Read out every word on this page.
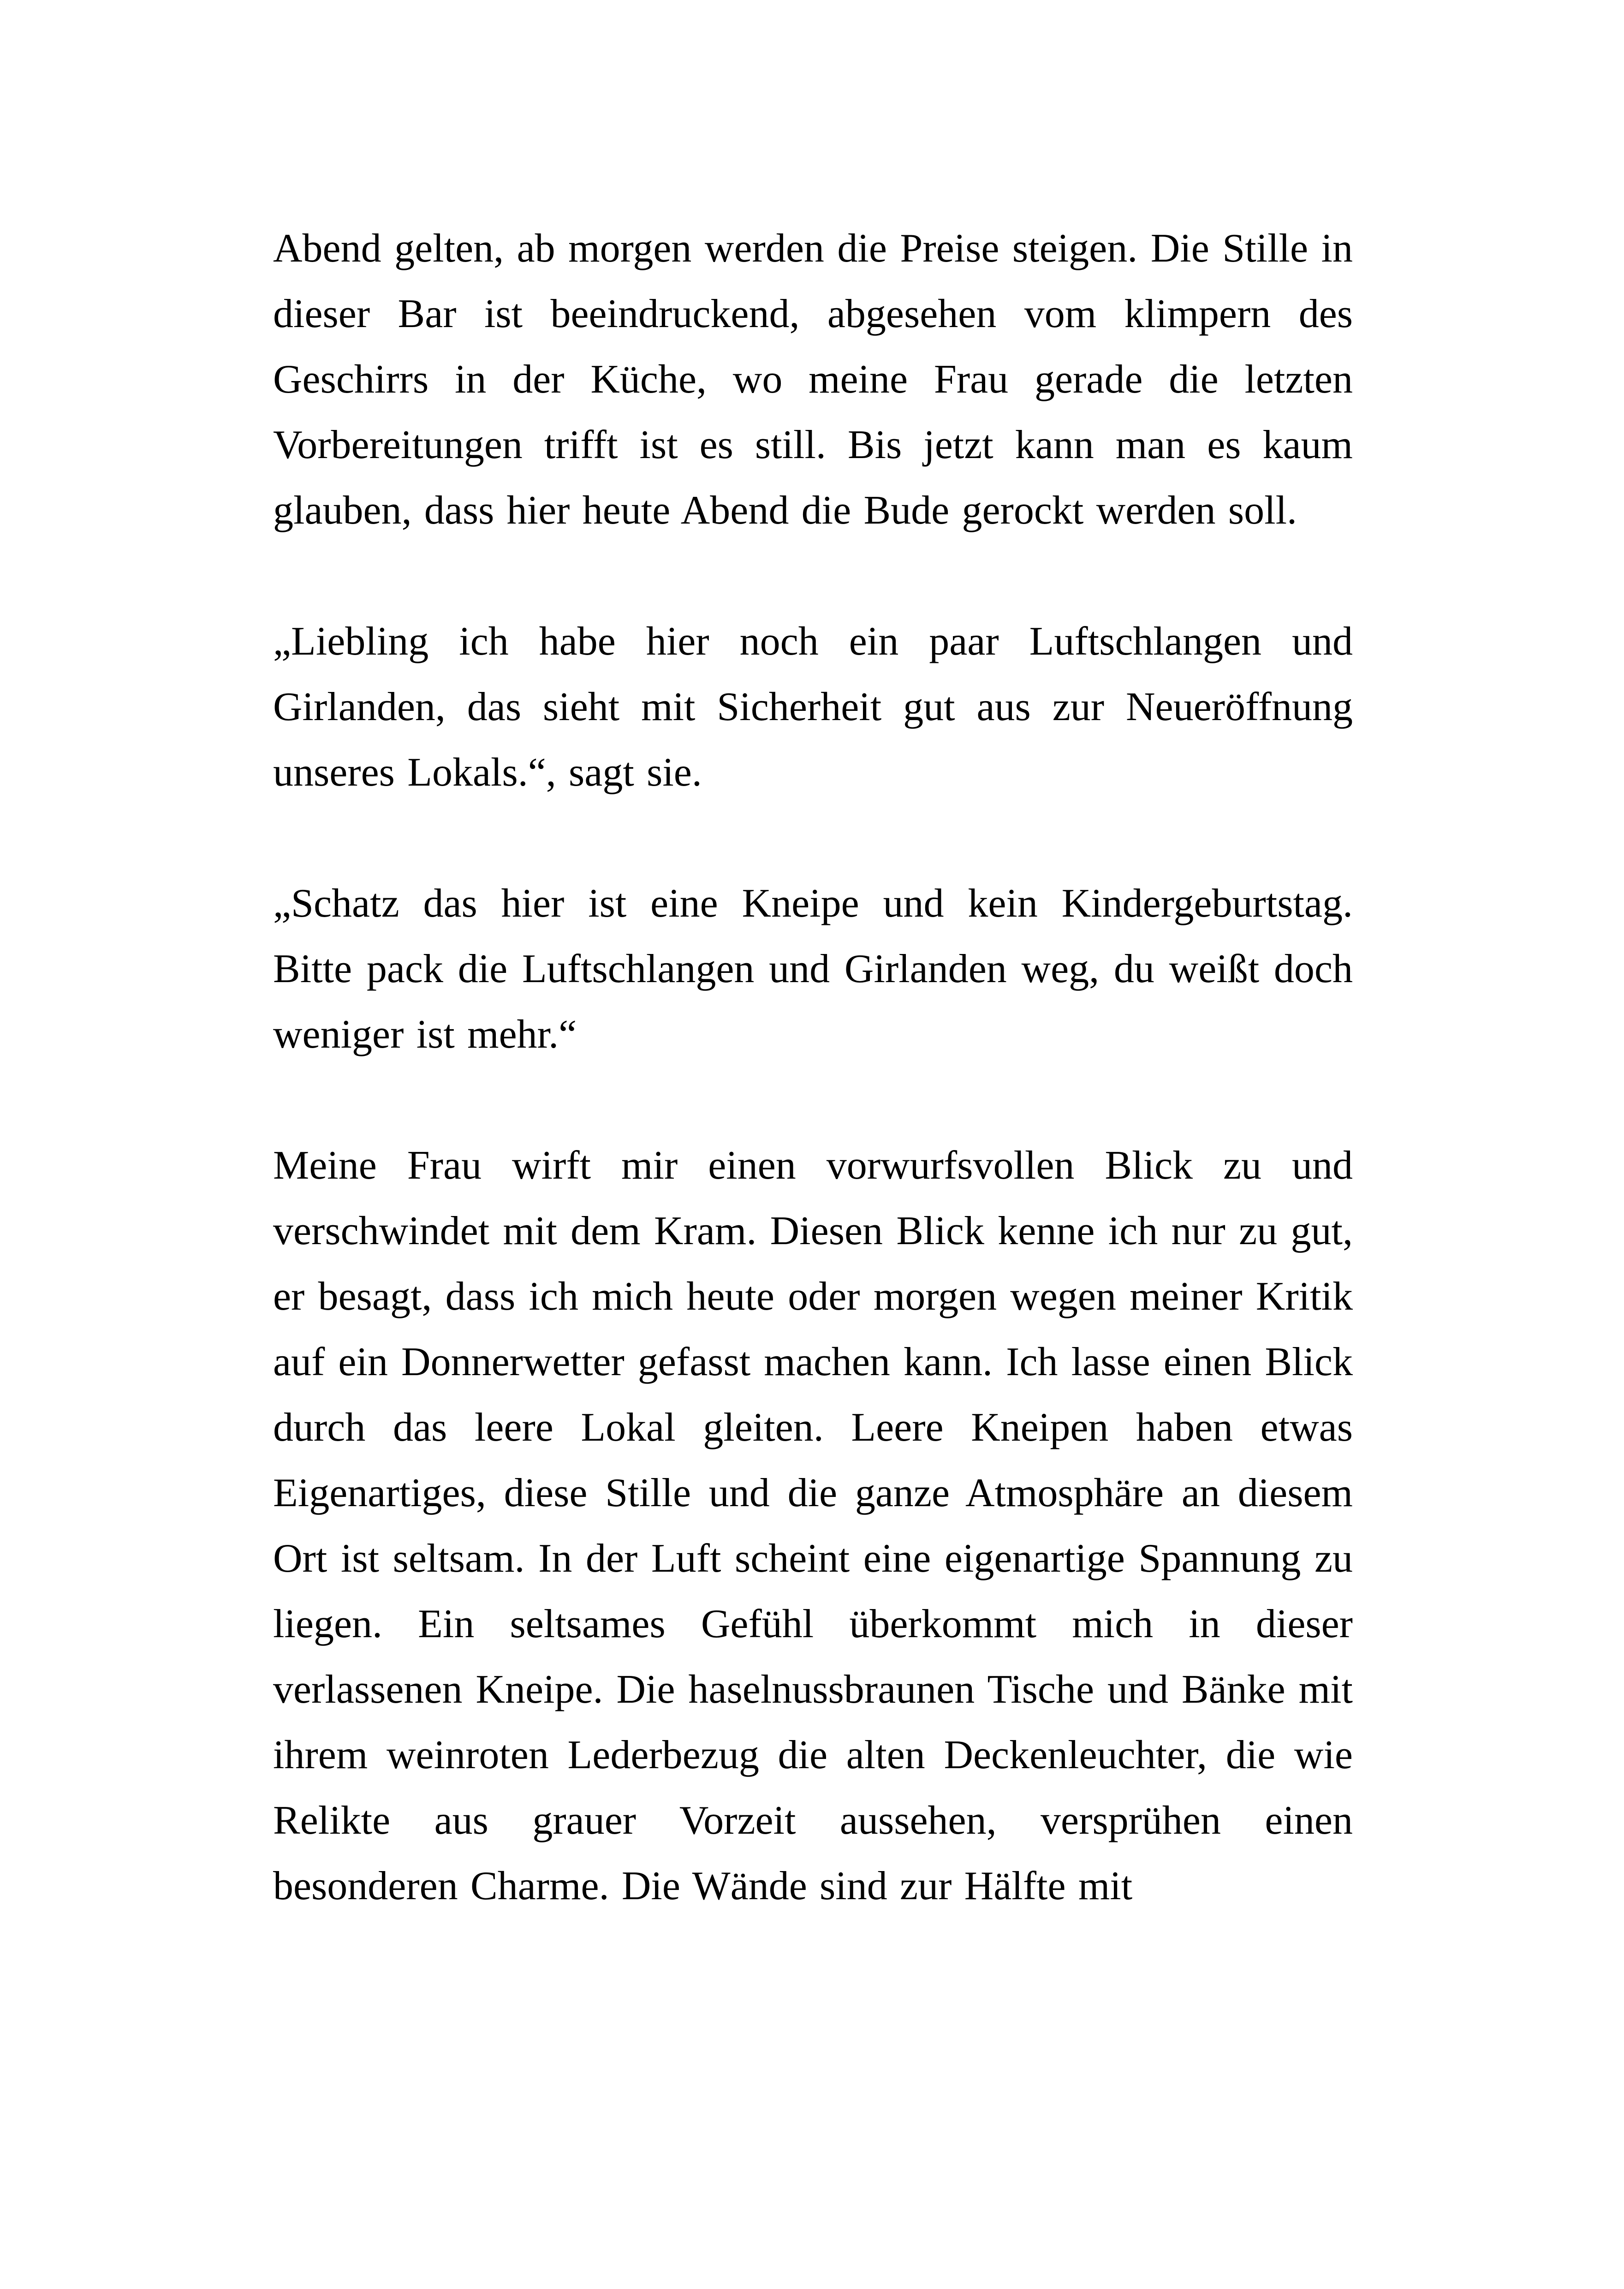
Abend gelten, ab morgen werden die Preise steigen. Die Stille in dieser Bar ist beeindruckend, abgesehen vom klimpern des Geschirrs in der Küche, wo meine Frau gerade die letzten Vorbereitungen trifft ist es still. Bis jetzt kann man es kaum glauben, dass hier heute Abend die Bude gerockt werden soll.

„Liebling ich habe hier noch ein paar Luftschlangen und Girlanden, das sieht mit Sicherheit gut aus zur Neueröffnung unseres Lokals.“, sagt sie.

„Schatz das hier ist eine Kneipe und kein Kindergeburtstag. Bitte pack die Luftschlangen und Girlanden weg, du weißt doch weniger ist mehr.“

Meine Frau wirft mir einen vorwurfsvollen Blick zu und verschwindet mit dem Kram. Diesen Blick kenne ich nur zu gut, er besagt, dass ich mich heute oder morgen wegen meiner Kritik auf ein Donnerwetter gefasst machen kann. Ich lasse einen Blick durch das leere Lokal gleiten. Leere Kneipen haben etwas Eigenartiges, diese Stille und die ganze Atmosphäre an diesem Ort ist seltsam. In der Luft scheint eine eigenartige Spannung zu liegen. Ein seltsames Gefühl überkommt mich in dieser verlassenen Kneipe. Die haselnussbraunen Tische und Bänke mit ihrem weinroten Lederbezug die alten Deckenleuchter, die wie Relikte aus grauer Vorzeit aussehen, versprühen einen besonderen Charme. Die Wände sind zur Hälfte mit
